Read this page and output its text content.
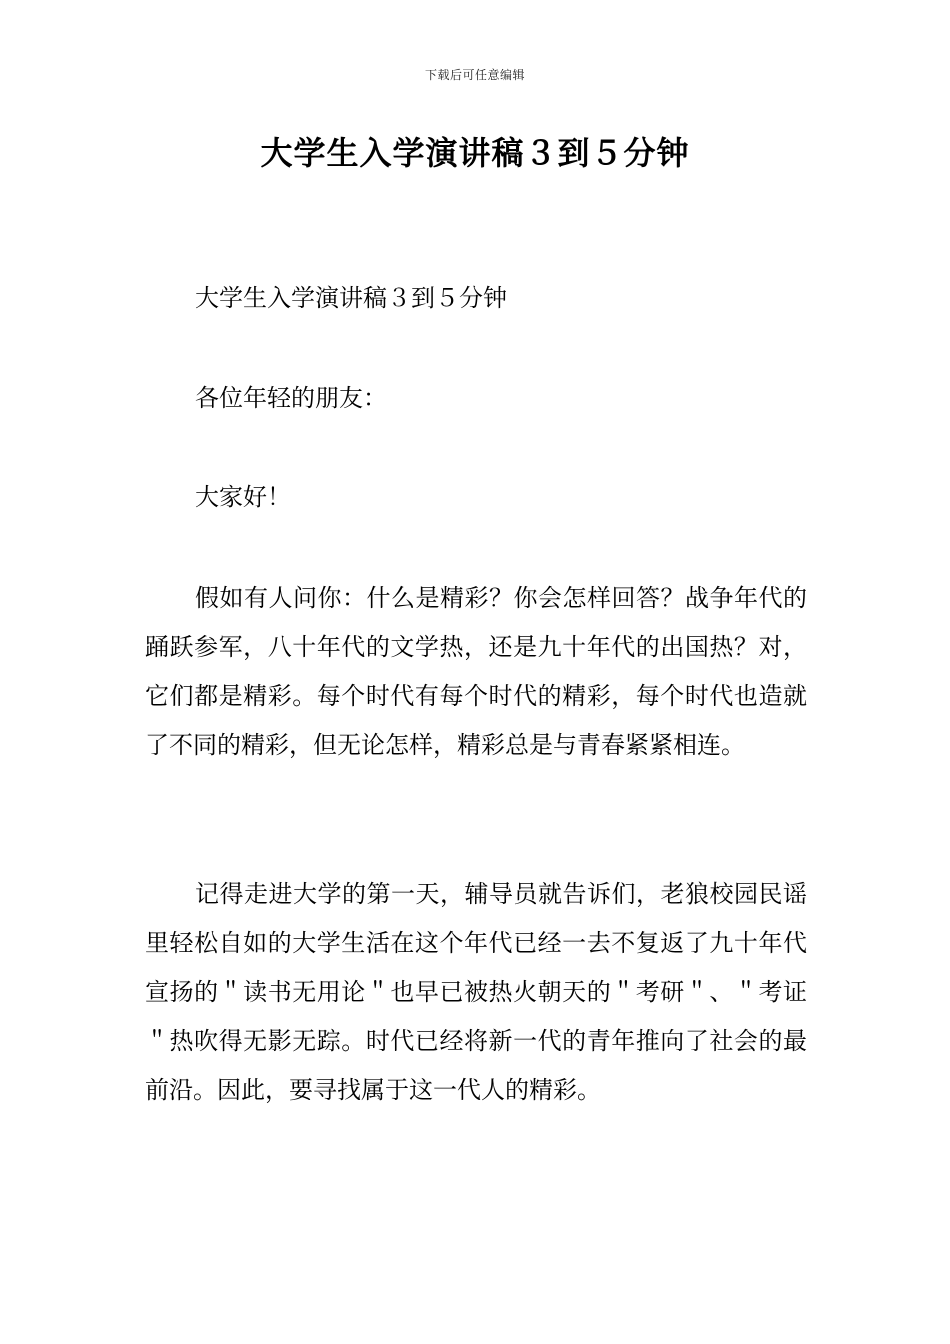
下载后可任意编辑
大学生入学演讲稿３到５分钟

大学生入学演讲稿３到５分钟

各位年轻的朋友：

大家好！

假如有人问你：什么是精彩？你会怎样回答？战争年代的踊跃参军，八十年代的文学热，还是九十年代的出国热？对，它们都是精彩。每个时代有每个时代的精彩，每个时代也造就了不同的精彩，但无论怎样，精彩总是与青春紧紧相连。

记得走进大学的第一天，辅导员就告诉们，老狼校园民谣里轻松自如的大学生活在这个年代已经一去不复返了九十年代宣扬的＂读书无用论＂也早已被热火朝天的＂考研＂、＂考证＂热吹得无影无踪。时代已经将新一代的青年推向了社会的最前沿。因此，要寻找属于这一代人的精彩。
